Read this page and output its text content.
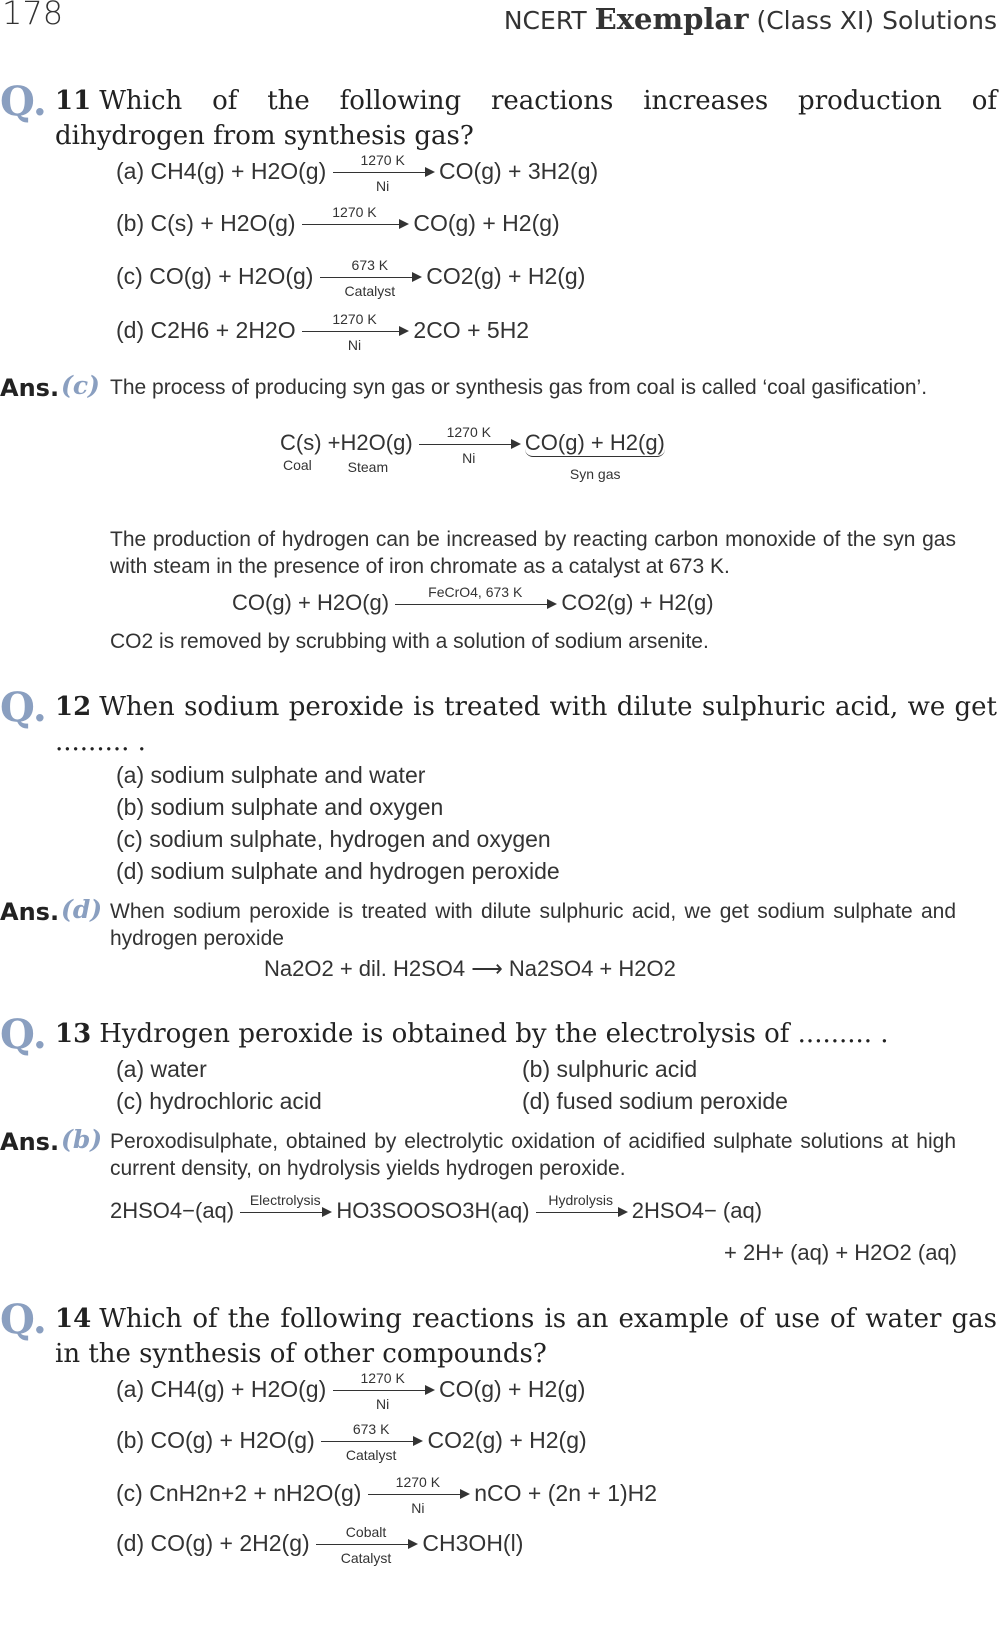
178	NCERT Exemplar (Class XI) Solutions
Q. 11 Which of the following reactions increases production of dihydrogen from synthesis gas?
(a) $CH4(g) + H2O(g) \frac{1270 K}{Ni} CO(g) + 3H2(g)$
(b) C(s) + H2O(g)	1270 K	CO(g) + H2(g)
(c) CO(g) + H2O(g)	673 K
Catalyst
CO2(g) + H2(g)
(d) $C2H6 + 2H2O \frac{1270 K}{Ni} 2CO + 5H2$
Ans. (c) The process of producing syn gas or synthesis gas from coal is called ‘coal gasification’.
C(s)
Coal
+H2O(g)
Steam

$\frac{1270 K}{Ni} CO(g) + H2(g)$
Syn gas
The production of hydrogen can be increased by reacting carbon monoxide of the syn gas with steam in the presence of iron chromate as a catalyst at 673 K.
CO(g) + H2O(g)	FeCrO4, 673 K	CO2(g) + H2(g)
CO2 is removed by scrubbing with a solution of sodium arsenite.
Q. 12 When sodium peroxide is treated with dilute sulphuric acid, we get ......... .
(a) sodium sulphate and water
(b) sodium sulphate and oxygen
(c) sodium sulphate, hydrogen and oxygen
(d) sodium sulphate and hydrogen peroxide
Ans. (d) When sodium peroxide is treated with dilute sulphuric acid, we get sodium sulphate and hydrogen peroxide
Na2O2 + dil. H2SO4 ⟶ Na2SO4 + H2O2
Q. 13 Hydrogen peroxide is obtained by the electrolysis of ......... .
(a) water	(b) sulphuric acid
(c) hydrochloric acid	(d) fused sodium peroxide
Ans. (b) Peroxodisulphate, obtained by electrolytic oxidation of acidified sulphate solutions at high current density, on hydrolysis yields hydrogen peroxide.
2HSO4−(aq)	Electrolysis HO3SOOSO3H(aq)	Hydrolysis 2HSO4− (aq)
+ 2H+ (aq) + H2O2 (aq)
Q. 14 Which of the following reactions is an example of use of water gas in the synthesis of other compounds?
(a) $CH4(g) + H2O(g) \frac{1270 K}{Ni} CO(g) + H2(g)$
(b) CO(g) + H2O(g)	673 K
Catalyst
CO2(g) + H2(g)
(c) $CnH2n+2 + nH2O(g) \frac{1270 K}{Ni}$ nCO + (2n + 1)H2
(d) CO(g) + 2H2(g)	Cobalt
Catalyst
CH3OH(l)
